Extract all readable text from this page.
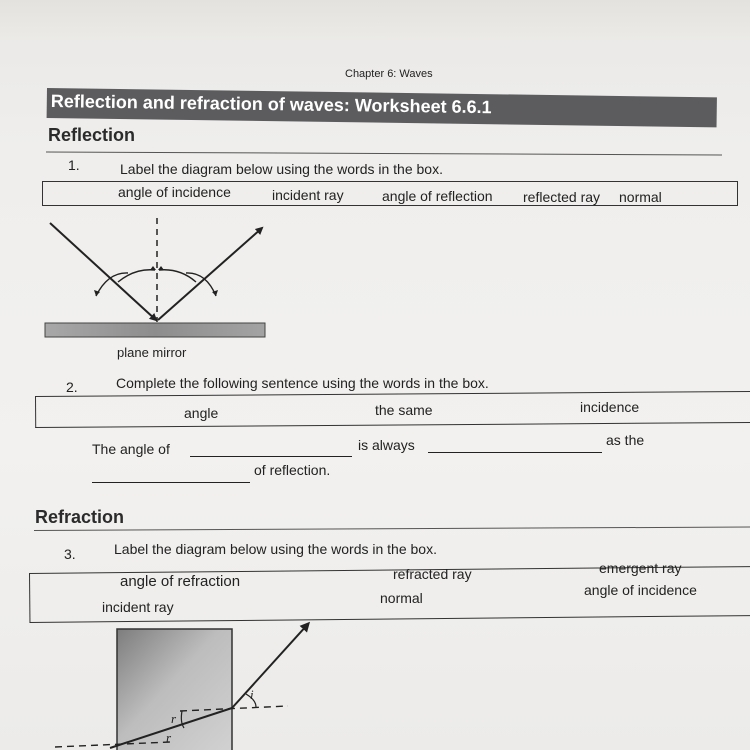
Chapter 6: Waves
Reflection and refraction of waves: Worksheet 6.6.1
Reflection
1.	Label the diagram below using the words in the box.
angle of incidence	incident ray	angle of reflection reflected ray normal
plane mirror
2.	Complete the following sentence using the words in the box.
angle	the same	incidence
The angle of	is always	as the
of reflection.
Refraction
3.	Label the diagram below using the words in the box.
angle of refraction	refracted ray	emergent ray
incident ray
normal	angle of incidence
i
r
r
